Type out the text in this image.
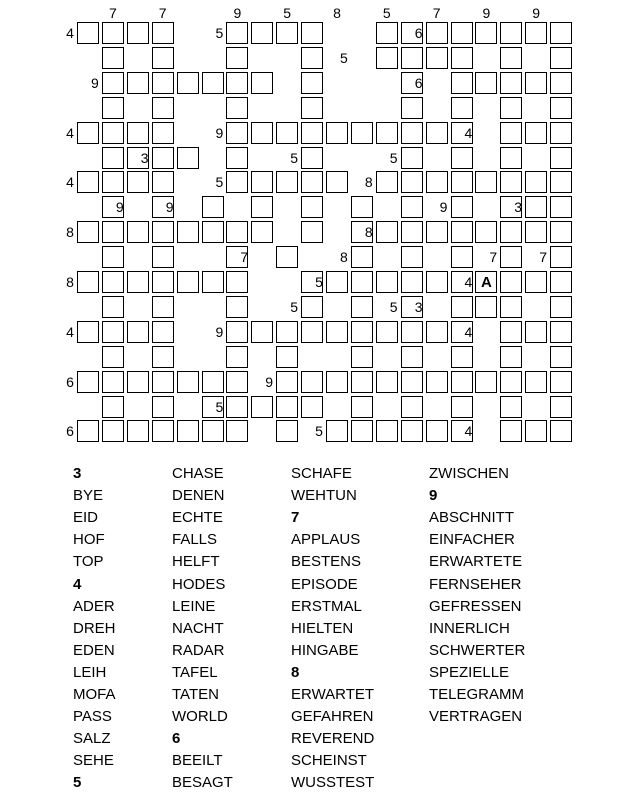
A
7	7	9	5	8	5	7	9	9
4	5	6
5
9	6
4	9	4
3	5	5
4	5	8
9	9	9	3
8	8
8
7	7	7
8	5	4
5	5 3
4	9	4
6	9
5
6	5	4
3
BYE
EID
HOF
TOP
4
ADER
DREH
EDEN
LEIH
MOFA
PASS
SALZ
SEHE
5
CHASE
DENEN
ECHTE
FALLS
HELFT
HODES
LEINE
NACHT
RADAR
TAFEL
TATEN
WORLD
6
BEEILT
BESAGT
SCHAFE
WEHTUN
7
APPLAUS
BESTENS
EPISODE
ERSTMAL
HIELTEN
HINGABE
8
ERWARTET
GEFAHREN
REVEREND
SCHEINST
WUSSTEST
ZWISCHEN
9
ABSCHNITT
EINFACHER
ERWARTETE
FERNSEHER
GEFRESSEN
INNERLICH
SCHWERTER
SPEZIELLE
TELEGRAMM
VERTRAGEN
